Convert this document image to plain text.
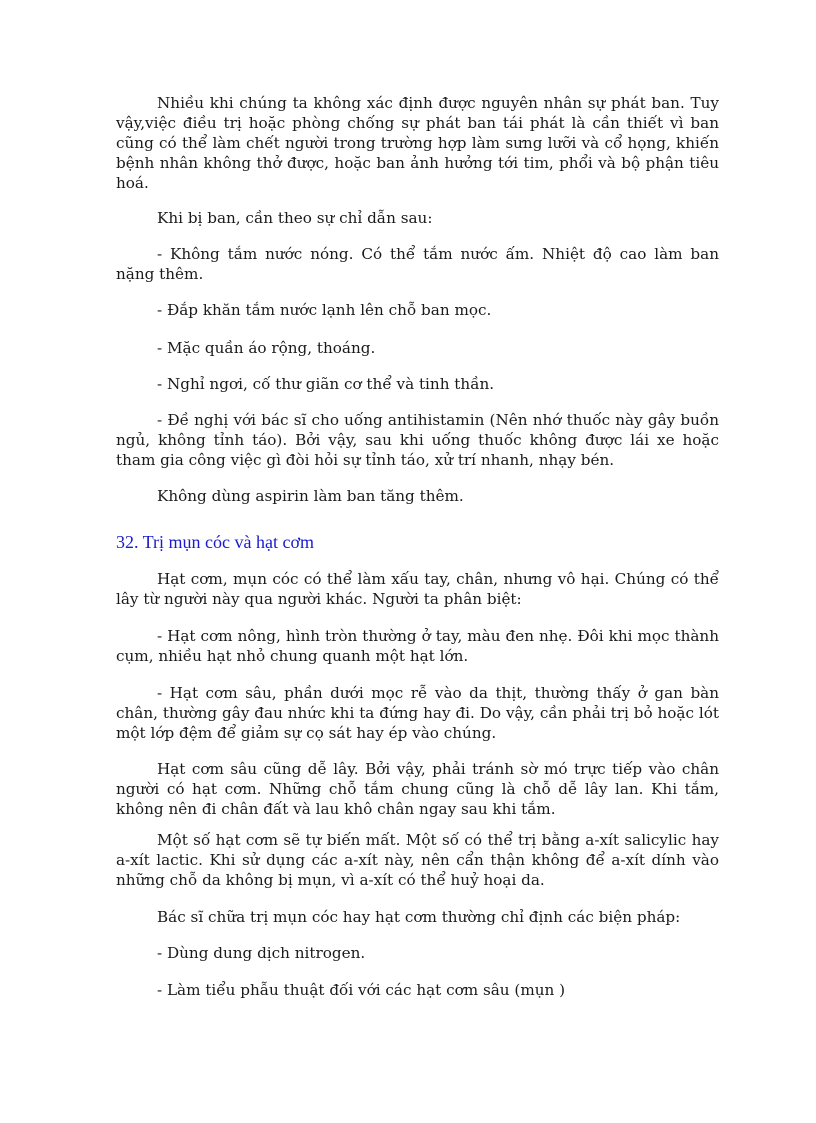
Nhiều khi chúng ta không xác định được nguyên nhân sự phát ban. Tuy vậy,việc điều trị hoặc phòng chống sự phát ban tái phát là cần thiết vì ban cũng có thể làm chết người trong trường hợp làm sưng lưỡi và cổ họng, khiến bệnh nhân không thở được, hoặc ban ảnh hưởng tới tim, phổi và bộ phận tiêu hoá.

Khi bị ban, cần theo sự chỉ dẫn sau:

- Không tắm nước nóng. Có thể tắm nước ấm. Nhiệt độ cao làm ban nặng thêm.

- Đắp khăn tắm nước lạnh lên chỗ ban mọc.

- Mặc quần áo rộng, thoáng.

- Nghỉ ngơi, cố thư giãn cơ thể và tinh thần.

- Đề nghị với bác sĩ cho uống antihistamin (Nên nhớ thuốc này gây buồn ngủ, không tỉnh táo). Bởi vậy, sau khi uống thuốc không được lái xe hoặc tham gia công việc gì đòi hỏi sự tỉnh táo, xử trí nhanh, nhạy bén.

Không dùng aspirin làm ban tăng thêm.

32. Trị mụn cóc và hạt cơm

Hạt cơm, mụn cóc có thể làm xấu tay, chân, nhưng vô hại. Chúng có thể lây từ người này qua người khác. Người ta phân biệt:

- Hạt cơm nông, hình tròn thường ở tay, màu đen nhẹ. Đôi khi mọc thành cụm, nhiều hạt nhỏ chung quanh một hạt lớn.

- Hạt cơm sâu, phần dưới mọc rễ vào da thịt, thường thấy ở gan bàn chân, thường gây đau nhức khi ta đứng hay đi. Do vậy, cần phải trị bỏ hoặc lót một lớp đệm để giảm sự cọ sát hay ép vào chúng.

Hạt cơm sâu cũng dễ lây. Bởi vậy, phải tránh sờ mó trực tiếp vào chân người có hạt cơm. Những chỗ tắm chung cũng là chỗ dễ lây lan. Khi tắm, không nên đi chân đất và lau khô chân ngay sau khi tắm.

Một số hạt cơm sẽ tự biến mất. Một số có thể trị bằng a-xít salicylic hay a-xít lactic. Khi sử dụng các a-xít này, nên cẩn thận không để a-xít dính vào những chỗ da không bị mụn, vì a-xít có thể huỷ hoại da.

Bác sĩ chữa trị mụn cóc hay hạt cơm thường chỉ định các biện pháp:

- Dùng dung dịch nitrogen.

- Làm tiểu phẫu thuật đối với các hạt cơm sâu (mụn )
